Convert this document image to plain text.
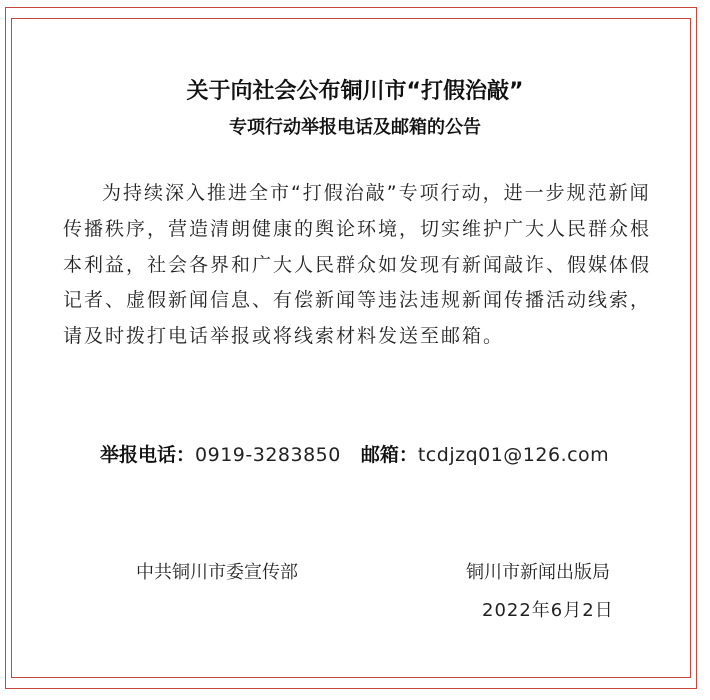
关于向社会公布铜川市“打假治敲”
专项行动举报电话及邮箱的公告

为持续深入推进全市“打假治敲”专项行动，进一步规范新闻传播秩序，营造清朗健康的舆论环境，切实维护广大人民群众根本利益，社会各界和广大人民群众如发现有新闻敲诈、假媒体假记者、虚假新闻信息、有偿新闻等违法违规新闻传播活动线索，请及时拨打电话举报或将线索材料发送至邮箱。

举报电话：0919-3283850 邮箱：tcdjzq01@126.com
中共铜川市委宣传部	铜川市新闻出版局
2022年6月2日
